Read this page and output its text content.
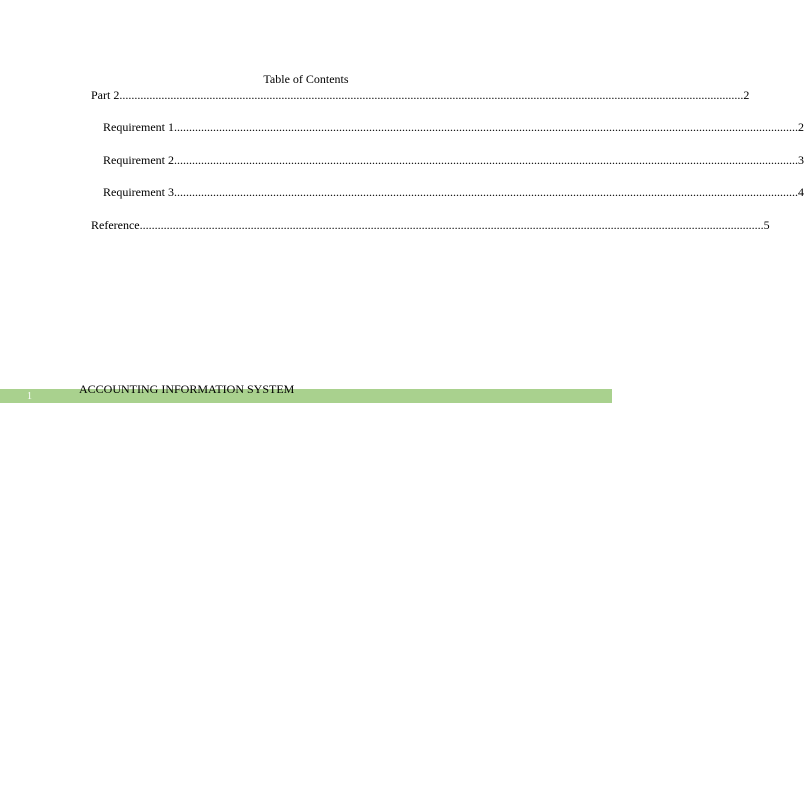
Table of Contents
Part 2 ................................................................................................................................................................................................................ 2
Requirement 1 ................................................................................................................................................................................................................ 2
Requirement 2 ................................................................................................................................................................................................................ 3
Requirement 3 ................................................................................................................................................................................................................ 4
Reference ................................................................................................................................................................................................................ 5
ACCOUNTING INFORMATION SYSTEM
1
